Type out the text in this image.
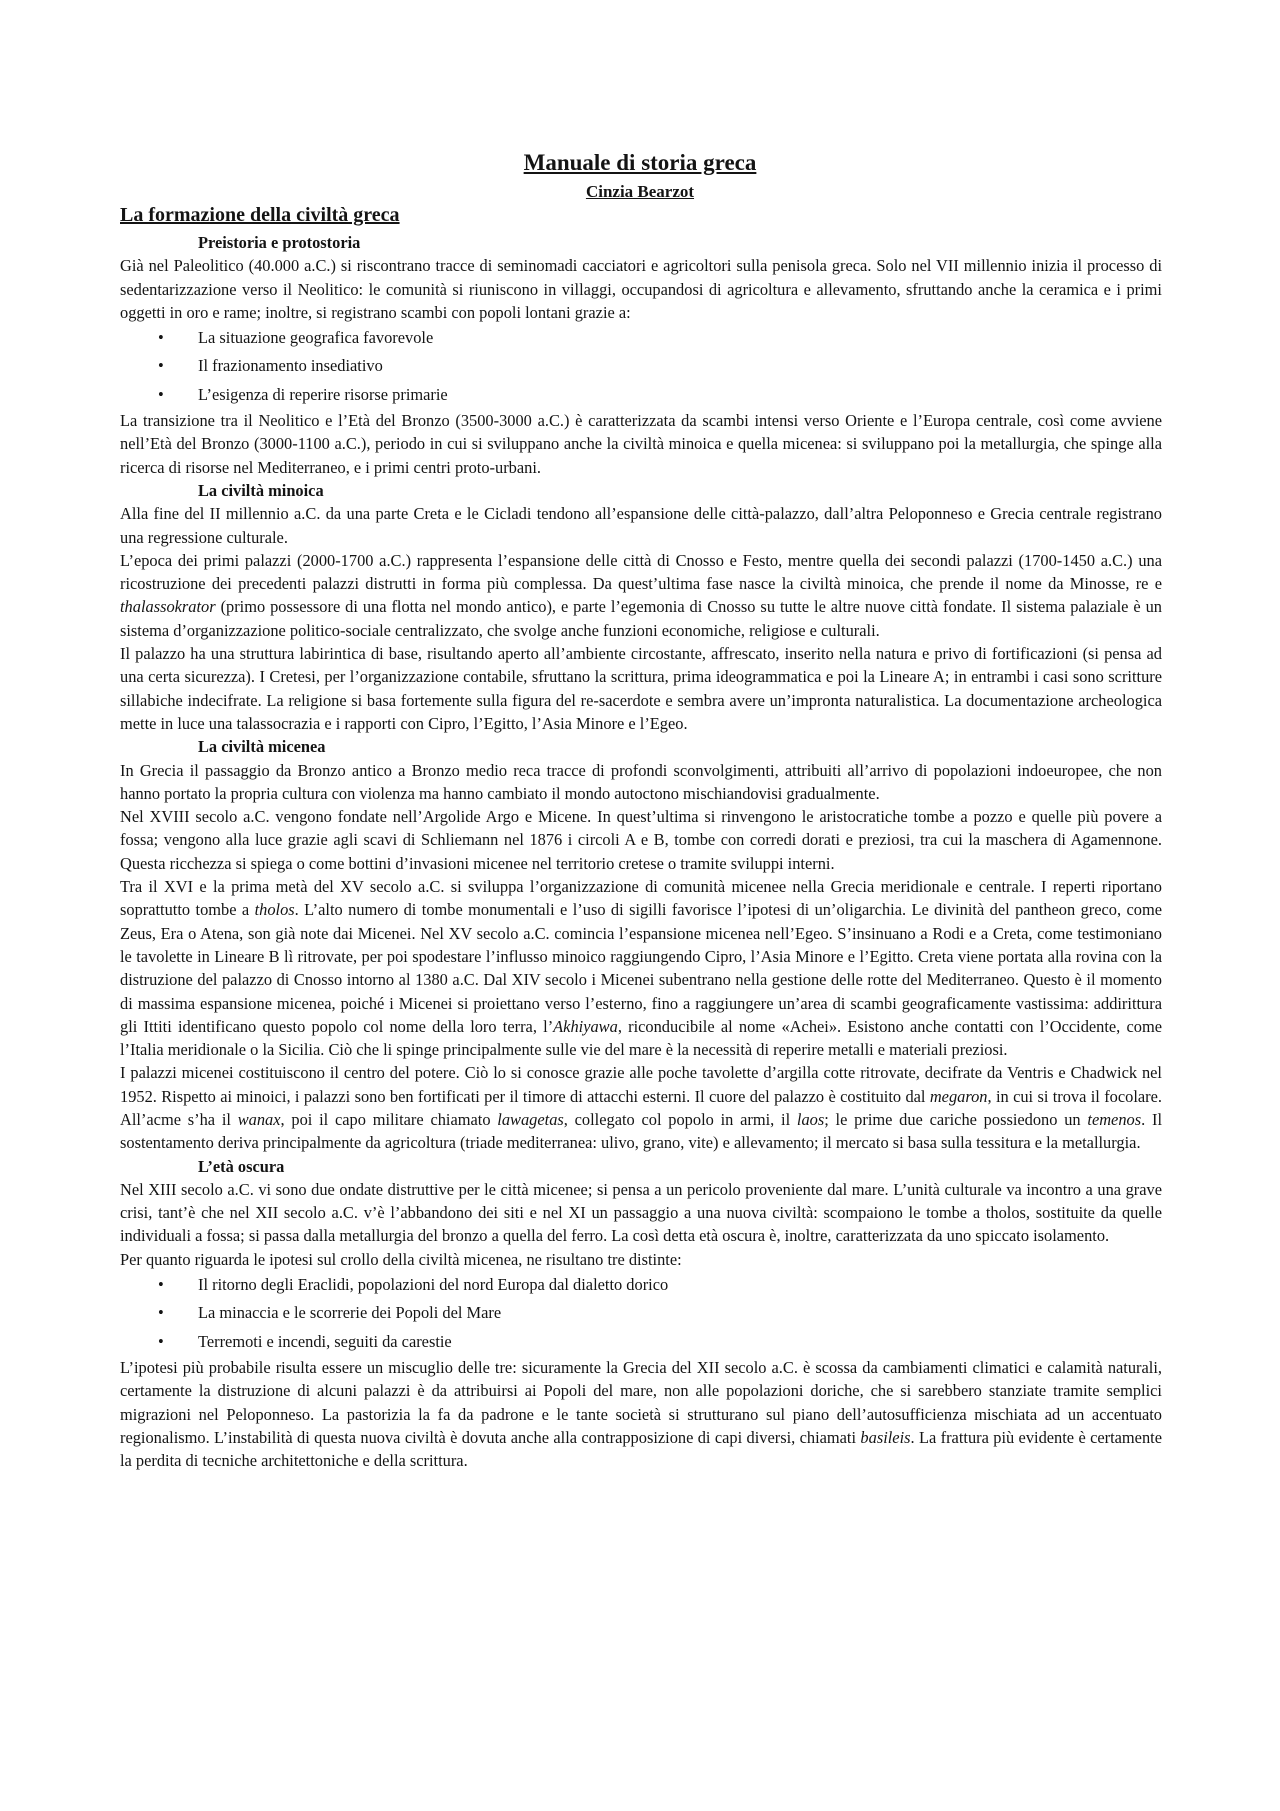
Manuale di storia greca
Cinzia Bearzot
La formazione della civiltà greca

Preistoria e protostoria

Già nel Paleolitico (40.000 a.C.) si riscontrano tracce di seminomadi cacciatori e agricoltori sulla penisola greca. Solo nel VII millennio inizia il processo di sedentarizzazione verso il Neolitico: le comunità si riuniscono in villaggi, occupandosi di agricoltura e allevamento, sfruttando anche la ceramica e i primi oggetti in oro e rame; inoltre, si registrano scambi con popoli lontani grazie a:

• La situazione geografica favorevole
• Il frazionamento insediativo
• L’esigenza di reperire risorse primarie

La transizione tra il Neolitico e l’Età del Bronzo (3500-3000 a.C.) è caratterizzata da scambi intensi verso Oriente e l’Europa centrale, così come avviene nell’Età del Bronzo (3000-1100 a.C.), periodo in cui si sviluppano anche la civiltà minoica e quella micenea: si sviluppano poi la metallurgia, che spinge alla ricerca di risorse nel Mediterraneo, e i primi centri proto-urbani.

La civiltà minoica

Alla fine del II millennio a.C. da una parte Creta e le Cicladi tendono all’espansione delle città-palazzo, dall’altra Peloponneso e Grecia centrale registrano una regressione culturale.

L’epoca dei primi palazzi (2000-1700 a.C.) rappresenta l’espansione delle città di Cnosso e Festo, mentre quella dei secondi palazzi (1700-1450 a.C.) una ricostruzione dei precedenti palazzi distrutti in forma più complessa. Da quest’ultima fase nasce la civiltà minoica, che prende il nome da Minosse, re e thalassokrator (primo possessore di una flotta nel mondo antico), e parte l’egemonia di Cnosso su tutte le altre nuove città fondate. Il sistema palaziale è un sistema d’organizzazione politico-sociale centralizzato, che svolge anche funzioni economiche, religiose e culturali.

Il palazzo ha una struttura labirintica di base, risultando aperto all’ambiente circostante, affrescato, inserito nella natura e privo di fortificazioni (si pensa ad una certa sicurezza). I Cretesi, per l’organizzazione contabile, sfruttano la scrittura, prima ideogrammatica e poi la Lineare A; in entrambi i casi sono scritture sillabiche indecifrate. La religione si basa fortemente sulla figura del re-sacerdote e sembra avere un’impronta naturalistica. La documentazione archeologica mette in luce una talassocrazia e i rapporti con Cipro, l’Egitto, l’Asia Minore e l’Egeo.

La civiltà micenea

In Grecia il passaggio da Bronzo antico a Bronzo medio reca tracce di profondi sconvolgimenti, attribuiti all’arrivo di popolazioni indoeuropee, che non hanno portato la propria cultura con violenza ma hanno cambiato il mondo autoctono mischiandovisi gradualmente.

Nel XVIII secolo a.C. vengono fondate nell’Argolide Argo e Micene. In quest’ultima si rinvengono le aristocratiche tombe a pozzo e quelle più povere a fossa; vengono alla luce grazie agli scavi di Schliemann nel 1876 i circoli A e B, tombe con corredi dorati e preziosi, tra cui la maschera di Agamennone. Questa ricchezza si spiega o come bottini d’invasioni micenee nel territorio cretese o tramite sviluppi interni.

Tra il XVI e la prima metà del XV secolo a.C. si sviluppa l’organizzazione di comunità micenee nella Grecia meridionale e centrale. I reperti riportano soprattutto tombe a tholos. L’alto numero di tombe monumentali e l’uso di sigilli favorisce l’ipotesi di un’oligarchia. Le divinità del pantheon greco, come Zeus, Era o Atena, son già note dai Micenei. Nel XV secolo a.C. comincia l’espansione micenea nell’Egeo. S’insinuano a Rodi e a Creta, come testimoniano le tavolette in Lineare B lì ritrovate, per poi spodestare l’influsso minoico raggiungendo Cipro, l’Asia Minore e l’Egitto. Creta viene portata alla rovina con la distruzione del palazzo di Cnosso intorno al 1380 a.C. Dal XIV secolo i Micenei subentrano nella gestione delle rotte del Mediterraneo. Questo è il momento di massima espansione micenea, poiché i Micenei si proiettano verso l’esterno, fino a raggiungere un’area di scambi geograficamente vastissima: addirittura gli Ittiti identificano questo popolo col nome della loro terra, l’Akhiyawa, riconducibile al nome «Achei». Esistono anche contatti con l’Occidente, come l’Italia meridionale o la Sicilia. Ciò che li spinge principalmente sulle vie del mare è la necessità di reperire metalli e materiali preziosi.

I palazzi micenei costituiscono il centro del potere. Ciò lo si conosce grazie alle poche tavolette d’argilla cotte ritrovate, decifrate da Ventris e Chadwick nel 1952. Rispetto ai minoici, i palazzi sono ben fortificati per il timore di attacchi esterni. Il cuore del palazzo è costituito dal megaron, in cui si trova il focolare. All’acme s’ha il wanax, poi il capo militare chiamato lawagetas, collegato col popolo in armi, il laos; le prime due cariche possiedono un temenos. Il sostentamento deriva principalmente da agricoltura (triade mediterranea: ulivo, grano, vite) e allevamento; il mercato si basa sulla tessitura e la metallurgia.

L’età oscura

Nel XIII secolo a.C. vi sono due ondate distruttive per le città micenee; si pensa a un pericolo proveniente dal mare. L’unità culturale va incontro a una grave crisi, tant’è che nel XII secolo a.C. v’è l’abbandono dei siti e nel XI un passaggio a una nuova civiltà: scompaiono le tombe a tholos, sostituite da quelle individuali a fossa; si passa dalla metallurgia del bronzo a quella del ferro. La così detta età oscura è, inoltre, caratterizzata da uno spiccato isolamento.

Per quanto riguarda le ipotesi sul crollo della civiltà micenea, ne risultano tre distinte:

• Il ritorno degli Eraclidi, popolazioni del nord Europa dal dialetto dorico
• La minaccia e le scorrerie dei Popoli del Mare
• Terremoti e incendi, seguiti da carestie

L’ipotesi più probabile risulta essere un miscuglio delle tre: sicuramente la Grecia del XII secolo a.C. è scossa da cambiamenti climatici e calamità naturali, certamente la distruzione di alcuni palazzi è da attribuirsi ai Popoli del mare, non alle popolazioni doriche, che si sarebbero stanziate tramite semplici migrazioni nel Peloponneso. La pastorizia la fa da padrone e le tante società si strutturano sul piano dell’autosufficienza mischiata ad un accentuato regionalismo. L’instabilità di questa nuova civiltà è dovuta anche alla contrapposizione di capi diversi, chiamati basileis. La frattura più evidente è certamente la perdita di tecniche architettoniche e della scrittura.
